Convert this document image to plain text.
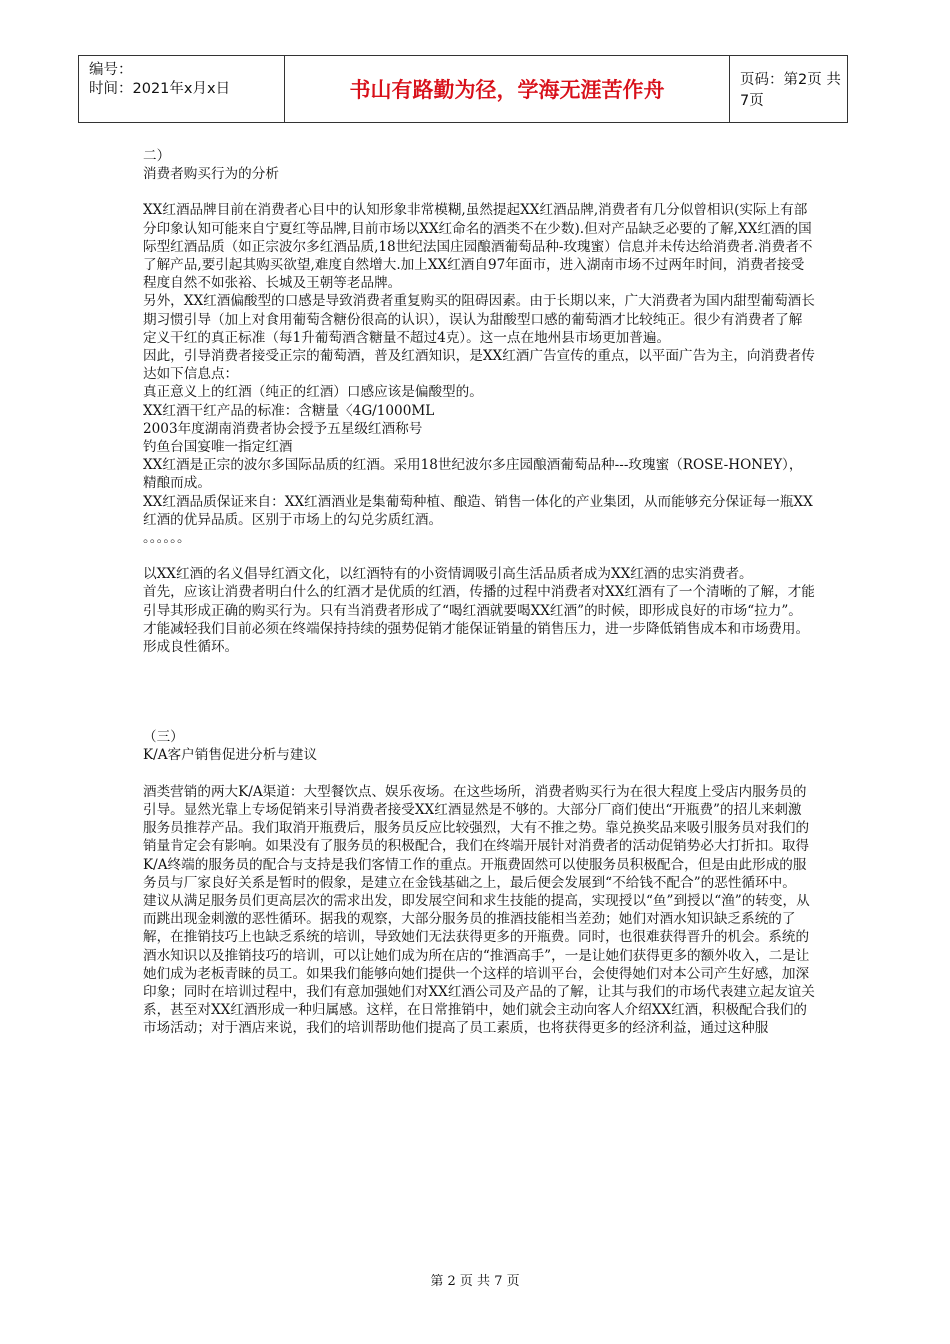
编号：
时间：2021年x月x日	书山有路勤为径，学海无涯苦作舟	页码：第2页 共7页

二）

消费者购买行为的分析

XX红酒品牌目前在消费者心目中的认知形象非常模糊,虽然提起XX红酒品牌,消费者有几分似曾相识(实际上有部分印象认知可能来自宁夏红等品牌,目前市场以XX红命名的酒类不在少数).但对产品缺乏必要的了解,XX红酒的国际型红酒品质（如正宗波尔多红酒品质,18世纪法国庄园酿酒葡萄品种-玫瑰蜜）信息并未传达给消费者.消费者不了解产品,要引起其购买欲望,难度自然增大.加上XX红酒自97年面市，进入湖南市场不过两年时间，消费者接受程度自然不如张裕、长城及王朝等老品牌。

另外，XX红酒偏酸型的口感是导致消费者重复购买的阻碍因素。由于长期以来，广大消费者为国内甜型葡萄酒长期习惯引导（加上对食用葡萄含糖份很高的认识），误认为甜酸型口感的葡萄酒才比较纯正。很少有消费者了解定义干红的真正标准（每1升葡萄酒含糖量不超过4克）。这一点在地州县市场更加普遍。

因此，引导消费者接受正宗的葡萄酒，普及红酒知识，是XX红酒广告宣传的重点，以平面广告为主，向消费者传达如下信息点：

真正意义上的红酒（纯正的红酒）口感应该是偏酸型的。

XX红酒干红产品的标准：含糖量〈4G/1000ML

2003年度湖南消费者协会授予五星级红酒称号

钓鱼台国宴唯一指定红酒

XX红酒是正宗的波尔多国际品质的红酒。采用18世纪波尔多庄园酿酒葡萄品种---玫瑰蜜（ROSE-HONEY），精酿而成。

XX红酒品质保证来自：XX红酒酒业是集葡萄种植、酿造、销售一体化的产业集团，从而能够充分保证每一瓶XX红酒的优异品质。区别于市场上的勾兑劣质红酒。

。。。。。。

以XX红酒的名义倡导红酒文化，以红酒特有的小资情调吸引高生活品质者成为XX红酒的忠实消费者。

首先，应该让消费者明白什么的红酒才是优质的红酒，传播的过程中消费者对XX红酒有了一个清晰的了解，才能引导其形成正确的购买行为。只有当消费者形成了“喝红酒就要喝XX红酒”的时候，即形成良好的市场“拉力”。才能减轻我们目前必须在终端保持持续的强势促销才能保证销量的销售压力，进一步降低销售成本和市场费用。形成良性循环。

（三）

K/A客户销售促进分析与建议

酒类营销的两大K/A渠道：大型餐饮点、娱乐夜场。在这些场所，消费者购买行为在很大程度上受店内服务员的引导。显然光靠上专场促销来引导消费者接受XX红酒显然是不够的。大部分厂商们使出“开瓶费”的招儿来刺激服务员推荐产品。我们取消开瓶费后，服务员反应比较强烈，大有不推之势。靠兑换奖品来吸引服务员对我们的销量肯定会有影响。如果没有了服务员的积极配合，我们在终端开展针对消费者的活动促销势必大打折扣。取得K/A终端的服务员的配合与支持是我们客情工作的重点。开瓶费固然可以使服务员积极配合，但是由此形成的服务员与厂家良好关系是暂时的假象，是建立在金钱基础之上，最后便会发展到“不给钱不配合”的恶性循环中。

建议从满足服务员们更高层次的需求出发，即发展空间和求生技能的提高，实现授以“鱼”到授以“渔”的转变，从而跳出现金刺激的恶性循环。据我的观察，大部分服务员的推酒技能相当差劲；她们对酒水知识缺乏系统的了解，在推销技巧上也缺乏系统的培训，导致她们无法获得更多的开瓶费。同时，也很难获得晋升的机会。系统的酒水知识以及推销技巧的培训，可以让她们成为所在店的“推酒高手”，一是让她们获得更多的额外收入，二是让她们成为老板青睐的员工。如果我们能够向她们提供一个这样的培训平台，会使得她们对本公司产生好感，加深印象；同时在培训过程中，我们有意加强她们对XX红酒公司及产品的了解，让其与我们的市场代表建立起友谊关系，甚至对XX红酒形成一种归属感。这样，在日常推销中，她们就会主动向客人介绍XX红酒，积极配合我们的市场活动；对于酒店来说，我们的培训帮助他们提高了员工素质，也将获得更多的经济利益，通过这种服

第 2 页 共 7 页
